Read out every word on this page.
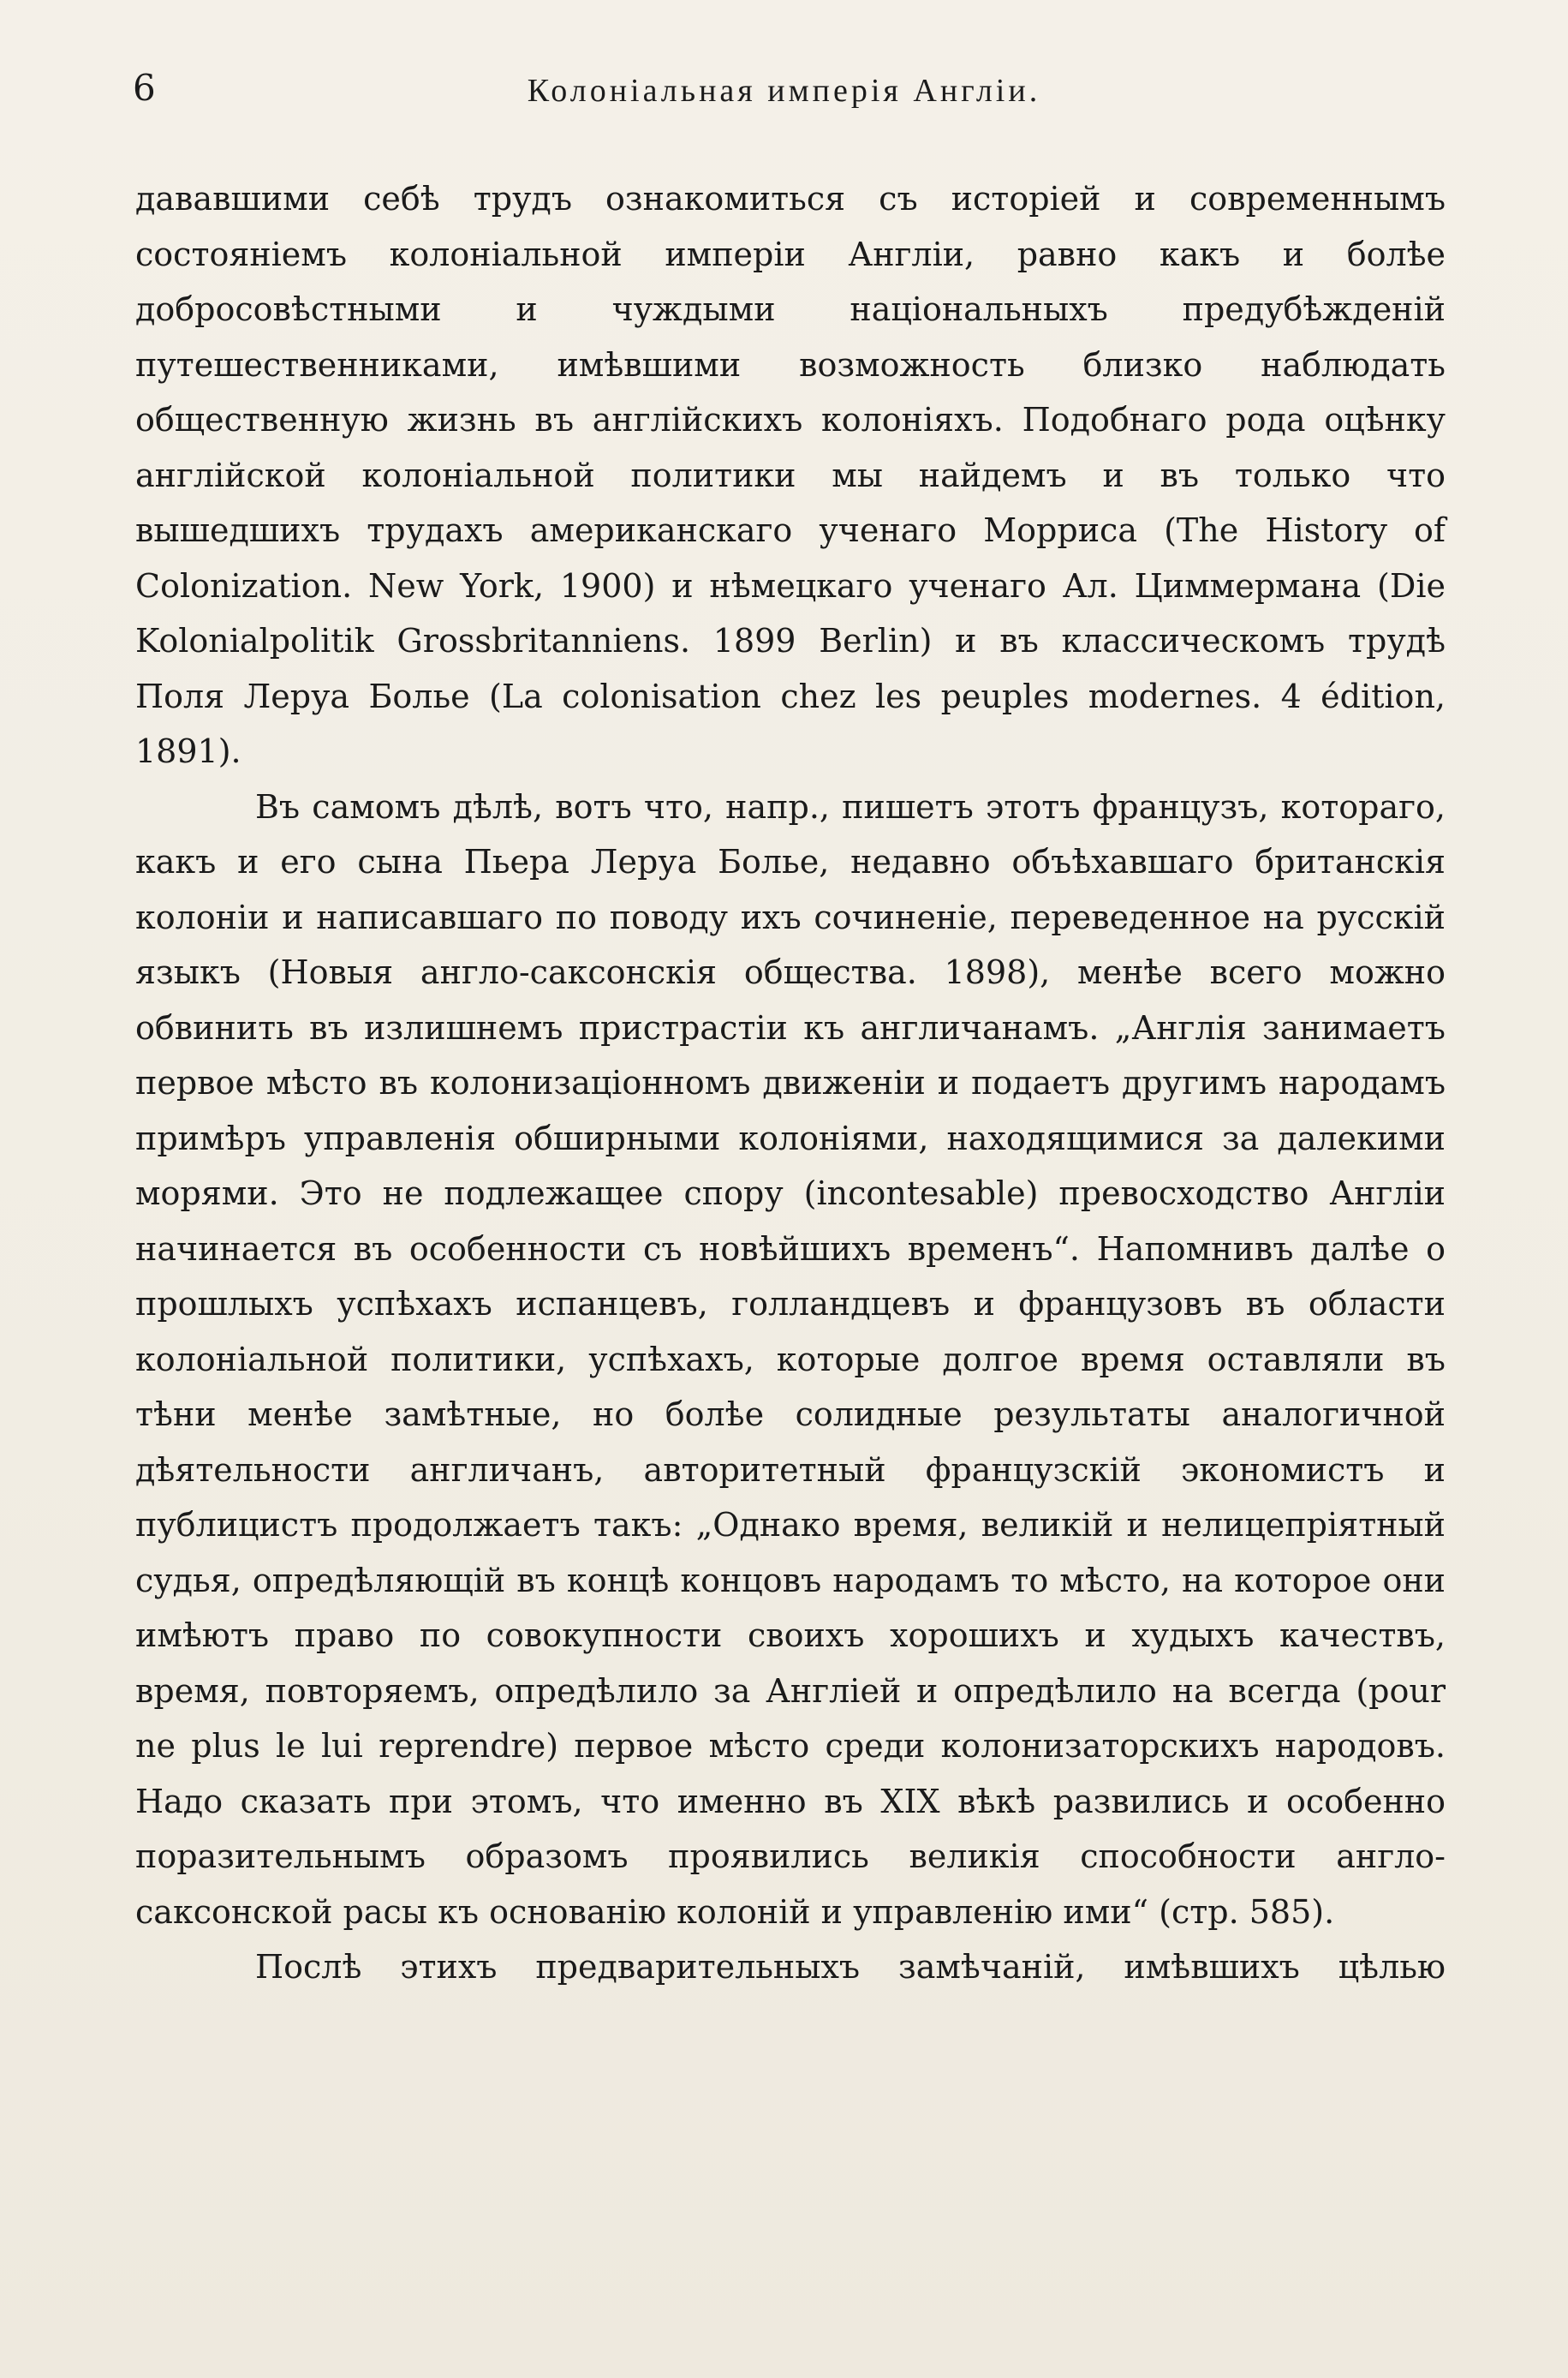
6	Колоніальная имперія Англіи.

дававшими себѣ трудъ ознакомиться съ исторіей и современнымъ состояніемъ колоніальной имперіи Англіи, равно какъ и болѣе добросовѣстными и чуждыми національныхъ предубѣжденій путешественниками, имѣвшими возможность близко наблюдать общественную жизнь въ англійскихъ колоніяхъ. Подобнаго рода оцѣнку англійской колоніальной политики мы найдемъ и въ только что вышедшихъ трудахъ американскаго ученаго Морриса (The History of Colonization. New York, 1900) и нѣмецкаго ученаго Ал. Циммермана (Die Kolonialpolitik Grossbritanniens. 1899 Berlin) и въ классическомъ трудѣ Поля Леруа Болье (La colonisation chez les peuples modernes. 4 édition, 1891).

Въ самомъ дѣлѣ, вотъ что, напр., пишетъ этотъ французъ, котораго, какъ и его сына Пьера Леруа Болье, недавно объѣхавшаго британскія колоніи и написавшаго по поводу ихъ сочиненіе, переведенное на русскій языкъ (Новыя англо-саксонскія общества. 1898), менѣе всего можно обвинить въ излишнемъ пристрастіи къ англичанамъ. „Англія занимаетъ первое мѣсто въ колонизаціонномъ движеніи и подаетъ другимъ народамъ примѣръ управленія обширными колоніями, находящимися за далекими морями. Это не подлежащее спору (incontesable) превосходство Англіи начинается въ особенности съ новѣйшихъ временъ“. Напомнивъ далѣе о прошлыхъ успѣхахъ испанцевъ, голландцевъ и французовъ въ области колоніальной политики, успѣхахъ, которые долгое время оставляли въ тѣни менѣе замѣтные, но болѣе солидные результаты аналогичной дѣятельности англичанъ, авторитетный французскій экономистъ и публицистъ продолжаетъ такъ: „Однако время, великій и нелицепріятный судья, опредѣляющій въ концѣ концовъ народамъ то мѣсто, на которое они имѣютъ право по совокупности своихъ хорошихъ и худыхъ качествъ, время, повторяемъ, опредѣлило за Англіей и опредѣлило на всегда (pour ne plus le lui reprendre) первое мѣсто среди колонизаторскихъ народовъ. Надо сказать при этомъ, что именно въ XIX вѣкѣ развились и особенно поразительнымъ образомъ проявились великія способности англо-саксонской расы къ основанію колоній и управленію ими“ (стр. 585).

Послѣ этихъ предварительныхъ замѣчаній, имѣвшихъ цѣлью
